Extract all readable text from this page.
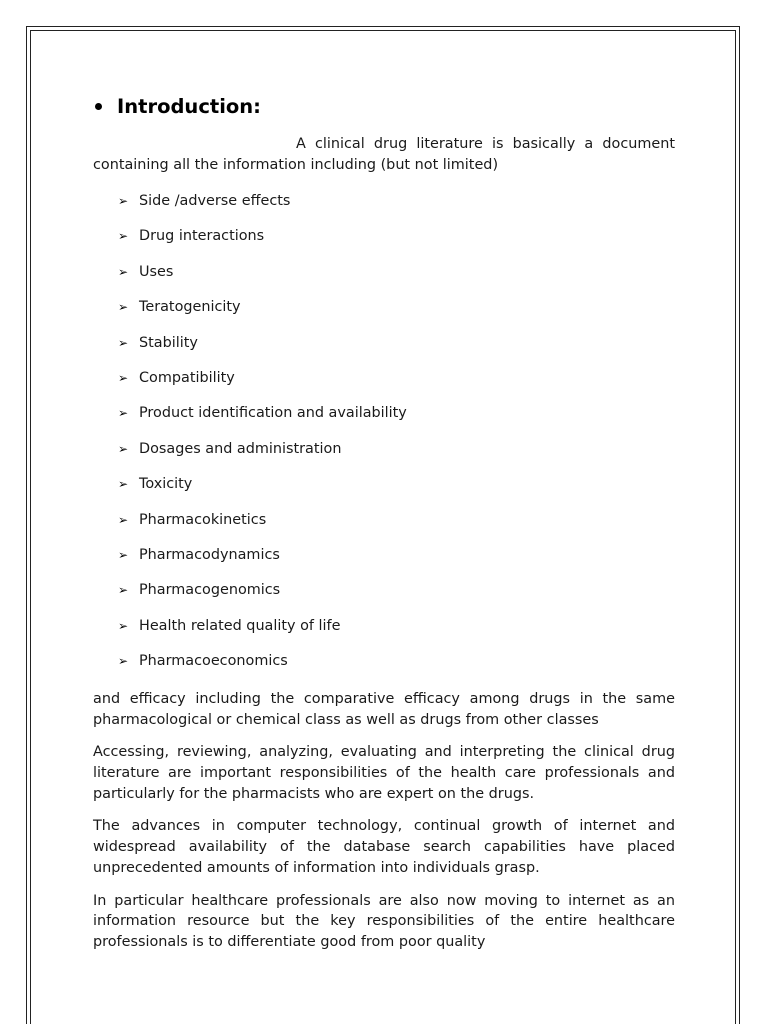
Introduction:

A clinical drug literature is basically a document containing all the information including (but not limited)

➢ Side /adverse effects
➢ Drug interactions
➢ Uses
➢ Teratogenicity
➢ Stability
➢ Compatibility
➢ Product identification and availability
➢ Dosages and administration
➢ Toxicity
➢ Pharmacokinetics
➢ Pharmacodynamics
➢ Pharmacogenomics
➢ Health related quality of life
➢ Pharmacoeconomics

and efficacy including the comparative efficacy among drugs in the same pharmacological or chemical class as well as drugs from other classes

Accessing, reviewing, analyzing, evaluating and interpreting the clinical drug literature are important responsibilities of the health care professionals and particularly for the pharmacists who are expert on the drugs.

The advances in computer technology, continual growth of internet and widespread availability of the database search capabilities have placed unprecedented amounts of information into individuals grasp.

In particular healthcare professionals are also now moving to internet as an information resource but the key responsibilities of the entire healthcare professionals is to differentiate good from poor quality
